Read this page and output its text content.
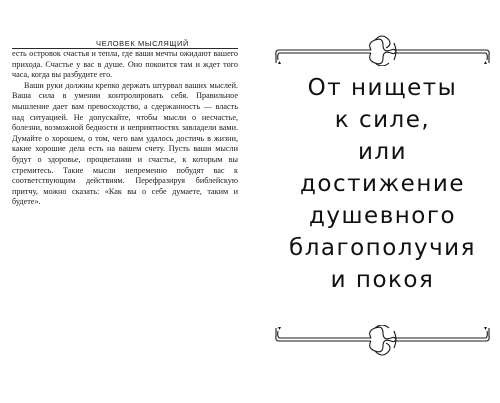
ЧЕЛОВЕК МЫСЛЯЩИЙ

есть островок счастья и тепла, где ваши мечты ожидают вашего прихода. Счастье у вас в душе. Оно покоится там и ждет того часа, когда вы разбудите его.

Ваши руки должны крепко держать штурвал ваших мыслей. Ваша сила в умении контролировать себя. Правильное мышление дает вам превосходство, а сдержанность — власть над ситуацией. Не допускайте, чтобы мысли о несчастье, болезни, возможной бедности и неприятностях завладели вами. Думайте о хорошем, о том, чего вам удалось достичь в жизни, какие хорошие дела есть на вашем счету. Пусть ваши мысли будут о здоровье, процветании и счастье, к которым вы стремитесь. Такие мысли непременно побудят вас к соответствующим действиям. Перефразируя библейскую притчу, можно сказать: «Как вы о себе думаете, таким и будете».

От нищеты
к силе,
или
достижение
душевного
благополучия
и покоя
